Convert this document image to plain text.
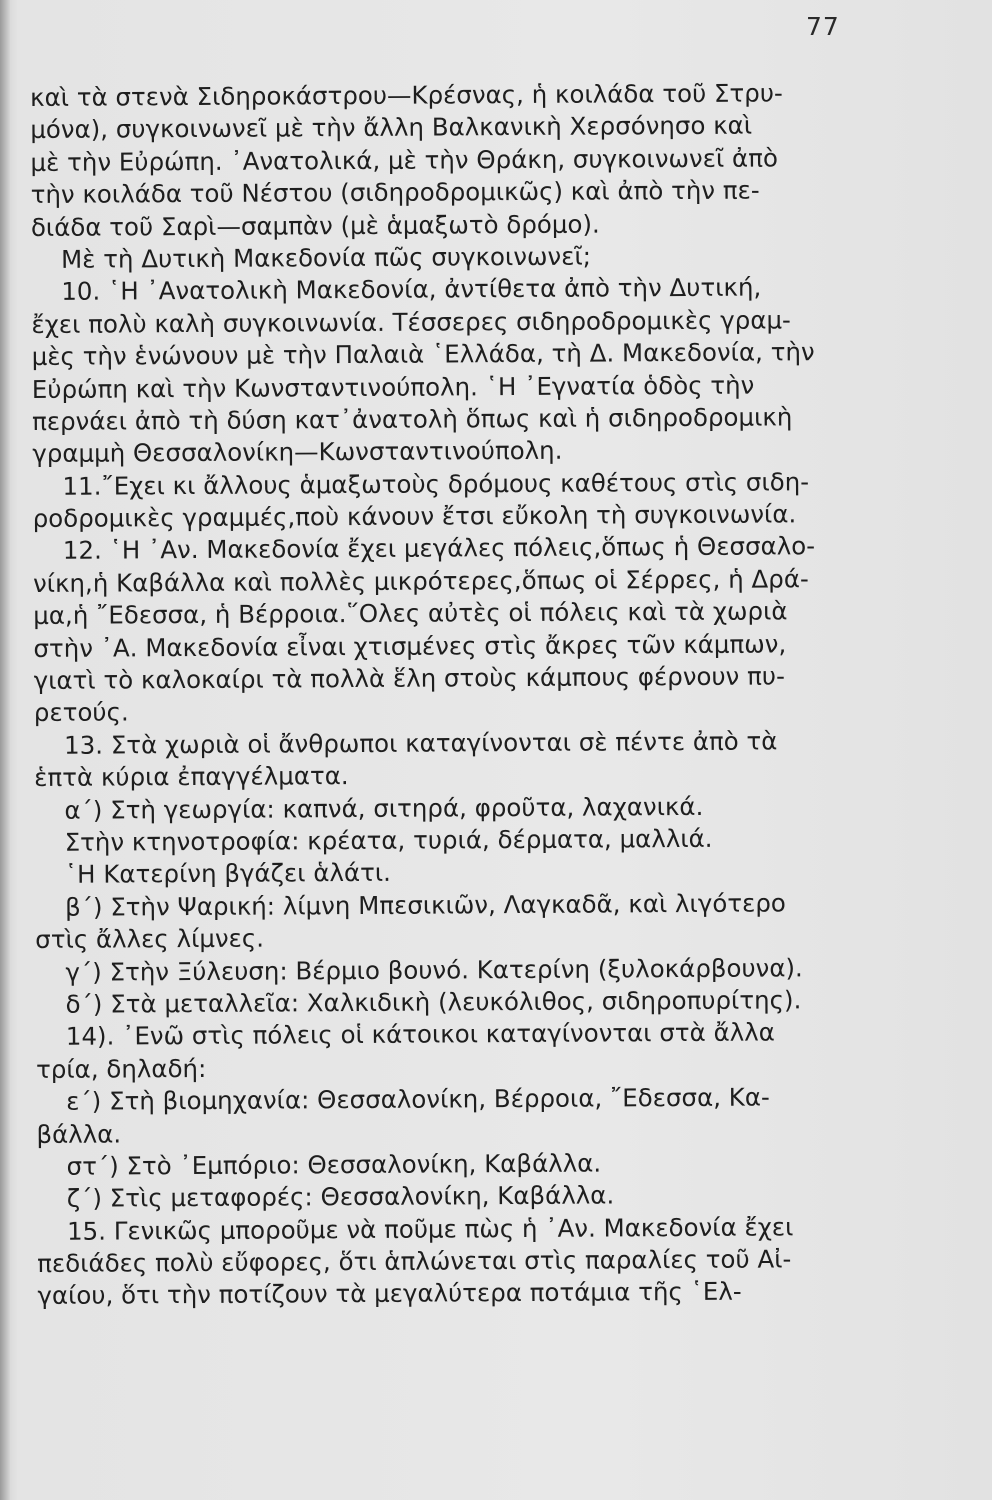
77
καὶ τὰ στενὰ Σιδηροκάστρου—Κρέσνας, ἡ κοιλάδα τοῦ Στρυ-
μόνα), συγκοινωνεῖ μὲ τὴν ἄλλη Βαλκανικὴ Χερσόνησο καὶ
μὲ τὴν Εὐρώπη. ᾿Ανατολικά, μὲ τὴν Θράκη, συγκοινωνεῖ ἀπὸ
τὴν κοιλάδα τοῦ Νέστου (σιδηροδρομικῶς) καὶ ἀπὸ τὴν πε-
διάδα τοῦ Σαρὶ—σαμπὰν (μὲ ἁμαξωτὸ δρόμο).
Μὲ τὴ Δυτικὴ Μακεδονία πῶς συγκοινωνεῖ;
10. ῾Η ᾿Ανατολικὴ Μακεδονία, ἀντίθετα ἀπὸ τὴν Δυτική,
ἔχει πολὺ καλὴ συγκοινωνία. Τέσσερες σιδηροδρομικὲς γραμ-
μὲς τὴν ἑνώνουν μὲ τὴν Παλαιὰ ῾Ελλάδα, τὴ Δ. Μακεδονία, τὴν
Εὐρώπη καὶ τὴν Κωνσταντινούπολη. ῾Η ᾿Εγνατία ὁδὸς τὴν
περνάει ἀπὸ τὴ δύση κατ᾿ἀνατολὴ ὅπως καὶ ἡ σιδηροδρομικὴ
γραμμὴ Θεσσαλονίκη—Κωνσταντινούπολη.
11.῎Εχει κι ἄλλους ἁμαξωτοὺς δρόμους καθέτους στὶς σιδη-
ροδρομικὲς γραμμές,ποὺ κάνουν ἔτσι εὔκολη τὴ συγκοινωνία.
12. ῾Η ᾿Αν. Μακεδονία ἔχει μεγάλες πόλεις,ὅπως ἡ Θεσσαλο-
νίκη,ἡ Καβάλλα καὶ πολλὲς μικρότερες,ὅπως οἱ Σέρρες, ἡ Δρά-
μα,ἡ ῎Εδεσσα, ἡ Βέρροια.῞Ολες αὐτὲς οἱ πόλεις καὶ τὰ χωριὰ
στὴν ᾿Α. Μακεδονία εἶναι χτισμένες στὶς ἄκρες τῶν κάμπων,
γιατὶ τὸ καλοκαίρι τὰ πολλὰ ἕλη στοὺς κάμπους φέρνουν πυ-
ρετούς.
13. Στὰ χωριὰ οἱ ἄνθρωποι καταγίνονται σὲ πέντε ἀπὸ τὰ
ἑπτὰ κύρια ἐπαγγέλματα.
α΄) Στὴ γεωργία: καπνά, σιτηρά, φροῦτα, λαχανικά.
Στὴν κτηνοτροφία: κρέατα, τυριά, δέρματα, μαλλιά.
῾Η Κατερίνη βγάζει ἁλάτι.
β΄) Στὴν Ψαρική: λίμνη Μπεσικιῶν, Λαγκαδᾶ, καὶ λιγότερο
στὶς ἄλλες λίμνες.
γ΄) Στὴν Ξύλευση: Βέρμιο βουνό. Κατερίνη (ξυλοκάρβουνα).
δ΄) Στὰ μεταλλεῖα: Χαλκιδικὴ (λευκόλιθος, σιδηροπυρίτης).
14). ᾿Ενῶ στὶς πόλεις οἱ κάτοικοι καταγίνονται στὰ ἄλλα
τρία, δηλαδή:
ε΄) Στὴ βιομηχανία: Θεσσαλονίκη, Βέρροια, ῎Εδεσσα, Κα-
βάλλα.
στ΄) Στὸ ᾿Εμπόριο: Θεσσαλονίκη, Καβάλλα.
ζ΄) Στὶς μεταφορές: Θεσσαλονίκη, Καβάλλα.
15. Γενικῶς μποροῦμε νὰ ποῦμε πὼς ἡ ᾿Αν. Μακεδονία ἔχει
πεδιάδες πολὺ εὔφορες, ὅτι ἁπλώνεται στὶς παραλίες τοῦ Αἰ-
γαίου, ὅτι τὴν ποτίζουν τὰ μεγαλύτερα ποτάμια τῆς ῾Ελ-
